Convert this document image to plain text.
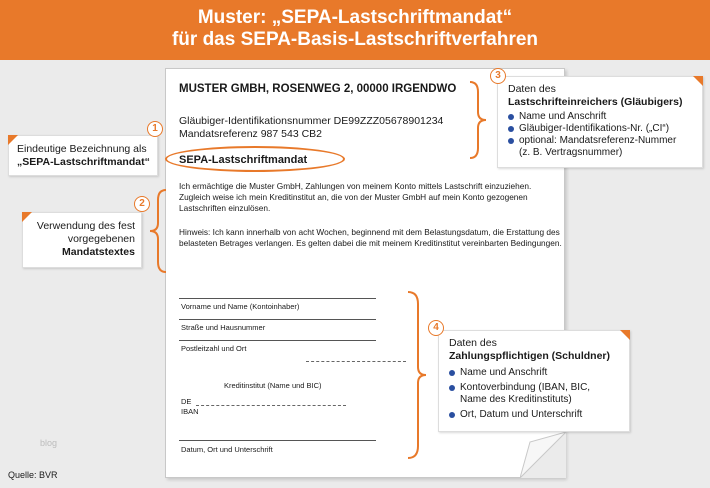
Muster: „SEPA-Lastschriftmandat“
für das SEPA-Basis-Lastschriftverfahren
MUSTER GMBH, ROSENWEG 2, 00000 IRGENDWO
Gläubiger-Identifikationsnummer DE99ZZZ05678901234
Mandatsreferenz 987 543 CB2
SEPA-Lastschriftmandat
Ich ermächtige die Muster GmbH, Zahlungen von meinem Konto mittels Lastschrift einzuziehen. Zugleich weise ich mein Kreditinstitut an, die von der Muster GmbH auf mein Konto gezogenen Lastschriften einzulösen.
Hinweis: Ich kann innerhalb von acht Wochen, beginnend mit dem Belastungsdatum, die Erstattung des belasteten Betrages verlangen. Es gelten dabei die mit meinem Kreditinstitut vereinbarten Bedingungen.
Vorname und Name (Kontoinhaber)
Straße und Hausnummer
Postleitzahl und Ort
Kreditinstitut (Name und BIC)
DE
IBAN
Datum, Ort und Unterschrift
Eindeutige Bezeichnung als
„SEPA-Lastschriftmandat“
1
Verwendung des fest
vorgegebenen
Mandatstextes
2
Daten des
Lastschrifteinreichers (Gläubigers)
Name und Anschrift
Gläubiger-Identifikations-Nr. („CI“)
optional: Mandatsreferenz-Nummer
(z. B. Vertragsnummer)
3
Daten des
Zahlungspflichtigen (Schuldner)
Name und Anschrift
Kontoverbindung (IBAN, BIC,
Name des Kreditinstituts)
Ort, Datum und Unterschrift
4
blog
Quelle: BVR
